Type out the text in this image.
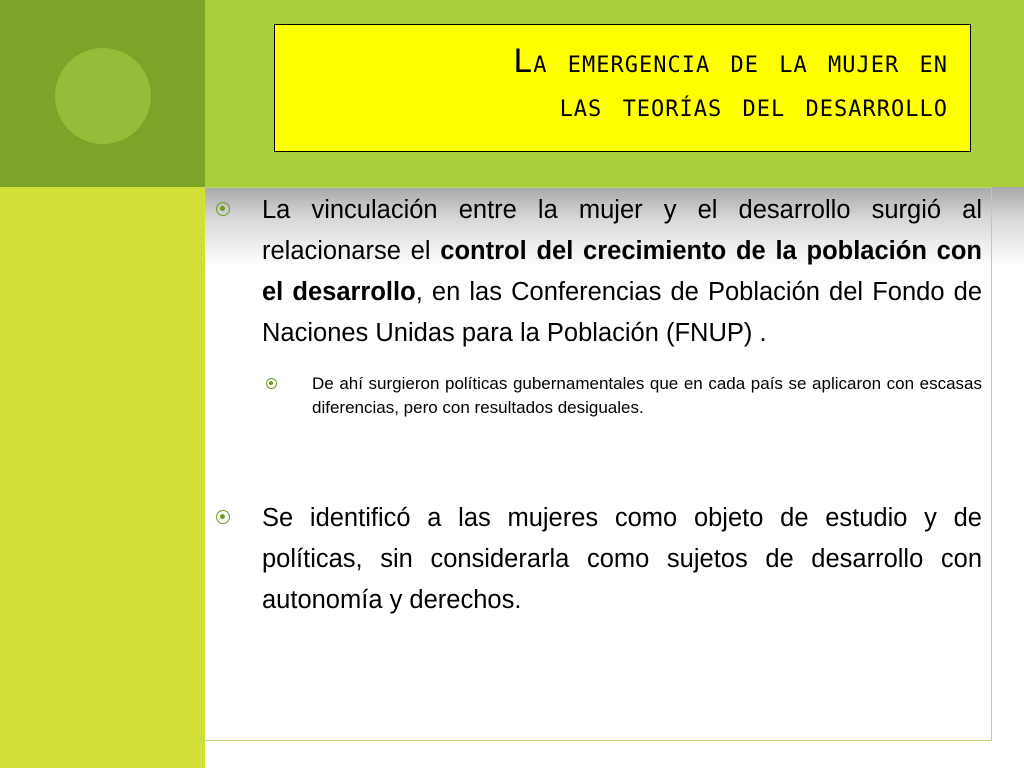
La emergencia de la mujer en
las teorías del desarrollo
La vinculación entre la mujer y el desarrollo surgió al relacionarse el control del crecimiento de la población con el desarrollo, en las Conferencias de Población del Fondo de Naciones Unidas para la Población (FNUP) .
De ahí surgieron políticas gubernamentales que en cada país se aplicaron con escasas diferencias, pero con resultados desiguales.
Se identificó a las mujeres como objeto de estudio y de políticas, sin considerarla como sujetos de desarrollo con autonomía y derechos.
